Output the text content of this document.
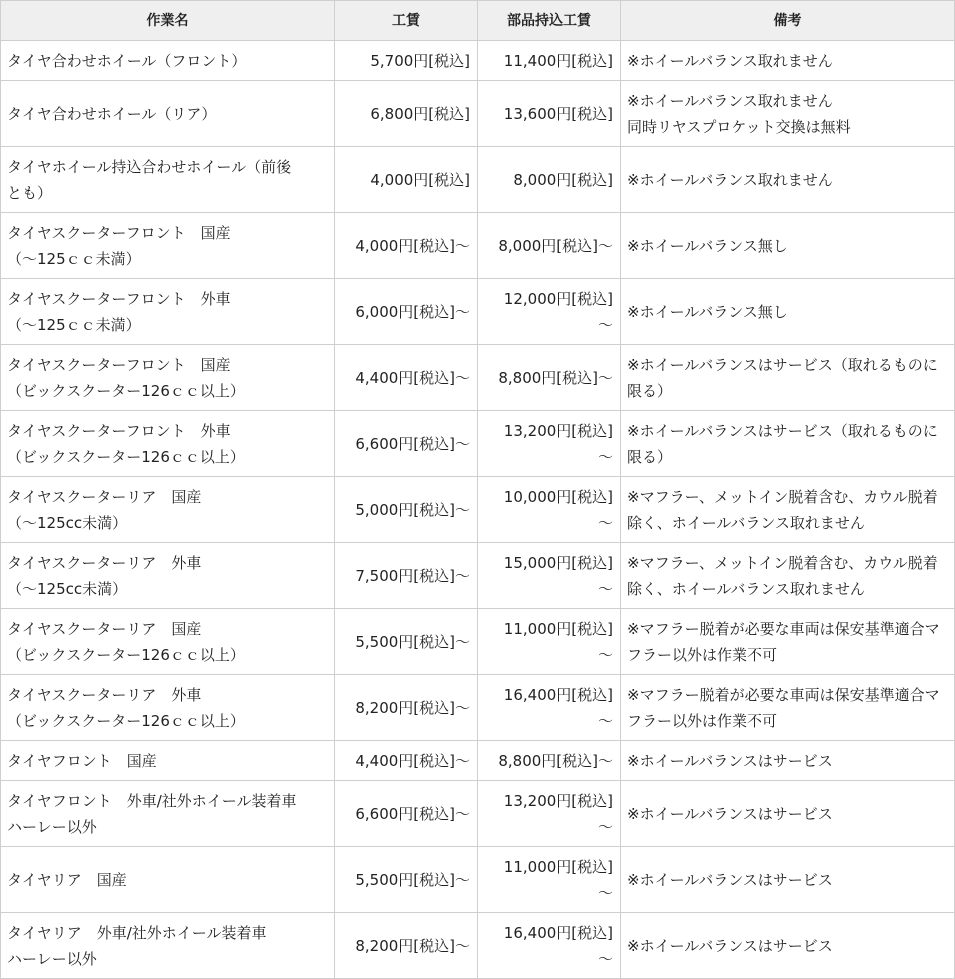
作業名	工賃	部品持込工賃	備考

タイヤ合わせホイール（フロント）	5,700円[税込]	11,400円[税込]	※ホイールバランス取れません

タイヤ合わせホイール（リア）	6,800円[税込]	13,600円[税込]	※ホイールバランス取れません
同時リヤスプロケット交換は無料

タイヤホイール持込合わせホイール（前後
とも）	4,000円[税込]	8,000円[税込]	※ホイールバランス取れません

タイヤスクーターフロント　国産
（～125ｃｃ未満）	4,000円[税込]～	8,000円[税込]～	※ホイールバランス無し

タイヤスクーターフロント　外車
（～125ｃｃ未満）	6,000円[税込]～	12,000円[税込]
～	※ホイールバランス無し

タイヤスクーターフロント　国産
（ビックスクーター126ｃｃ以上）	4,400円[税込]～	8,800円[税込]～	※ホイールバランスはサービス（取れるものに
限る）

タイヤスクーターフロント　外車
（ビックスクーター126ｃｃ以上）	6,600円[税込]～	13,200円[税込]
～	※ホイールバランスはサービス（取れるものに
限る）

タイヤスクーターリア　国産
（～125cc未満）	5,000円[税込]～	10,000円[税込]
～	※マフラー、メットイン脱着含む、カウル脱着
除く、ホイールバランス取れません

タイヤスクーターリア　外車
（～125cc未満）	7,500円[税込]～	15,000円[税込]
～	※マフラー、メットイン脱着含む、カウル脱着
除く、ホイールバランス取れません

タイヤスクーターリア　国産
（ビックスクーター126ｃｃ以上）	5,500円[税込]～	11,000円[税込]
～	※マフラー脱着が必要な車両は保安基準適合マ
フラー以外は作業不可

タイヤスクーターリア　外車
（ビックスクーター126ｃｃ以上）	8,200円[税込]～	16,400円[税込]
～	※マフラー脱着が必要な車両は保安基準適合マ
フラー以外は作業不可

タイヤフロント　国産	4,400円[税込]～	8,800円[税込]～	※ホイールバランスはサービス

タイヤフロント　外車/社外ホイール装着車
ハーレー以外	6,600円[税込]～	13,200円[税込]
～	※ホイールバランスはサービス

タイヤリア　国産	5,500円[税込]～	11,000円[税込]
～	※ホイールバランスはサービス

タイヤリア　外車/社外ホイール装着車
ハーレー以外	8,200円[税込]～	16,400円[税込]
～	※ホイールバランスはサービス
